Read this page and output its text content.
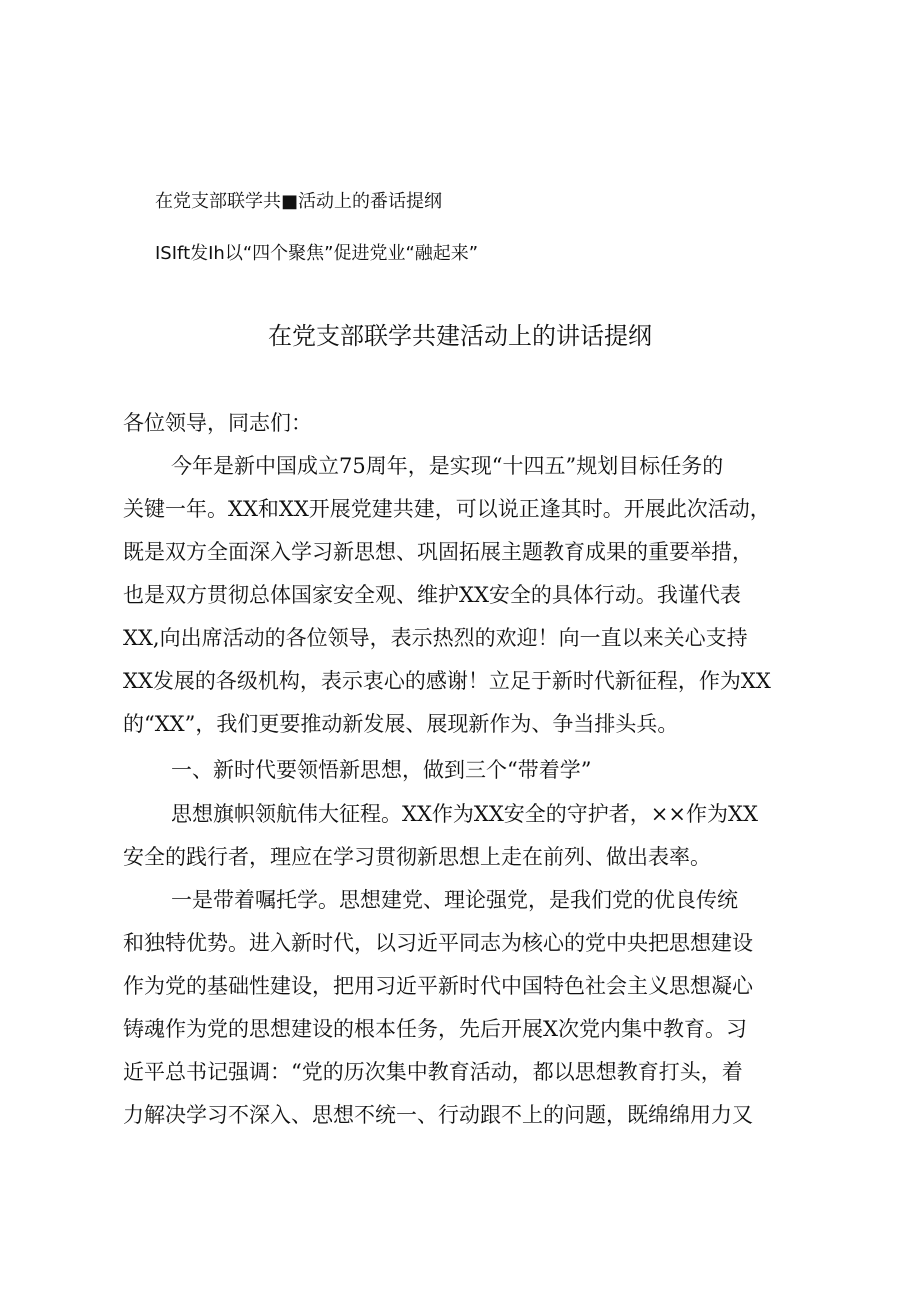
在党支部联学共■活动上的番话提纲
ISIft发Ih以“四个聚焦”促进党业“融起来”
在党支部联学共建活动上的讲话提纲
各位领导，同志们：
今年是新中国成立75周年，是实现“十四五”规划目标任务的
关键一年。XX和XX开展党建共建，可以说正逢其时。开展此次活动，
既是双方全面深入学习新思想、巩固拓展主题教育成果的重要举措，
也是双方贯彻总体国家安全观、维护XX安全的具体行动。我谨代表
XX,向出席活动的各位领导，表示热烈的欢迎！向一直以来关心支持
XX发展的各级机构，表示衷心的感谢！立足于新时代新征程，作为XX
的“XX”，我们更要推动新发展、展现新作为、争当排头兵。
一、新时代要领悟新思想，做到三个“带着学”
思想旗帜领航伟大征程。XX作为XX安全的守护者，××作为XX
安全的践行者，理应在学习贯彻新思想上走在前列、做出表率。
一是带着嘱托学。思想建党、理论强党，是我们党的优良传统
和独特优势。进入新时代，以习近平同志为核心的党中央把思想建设
作为党的基础性建设，把用习近平新时代中国特色社会主义思想凝心
铸魂作为党的思想建设的根本任务，先后开展X次党内集中教育。习
近平总书记强调：“党的历次集中教育活动，都以思想教育打头，着
力解决学习不深入、思想不统一、行动跟不上的问题，既绵绵用力又
